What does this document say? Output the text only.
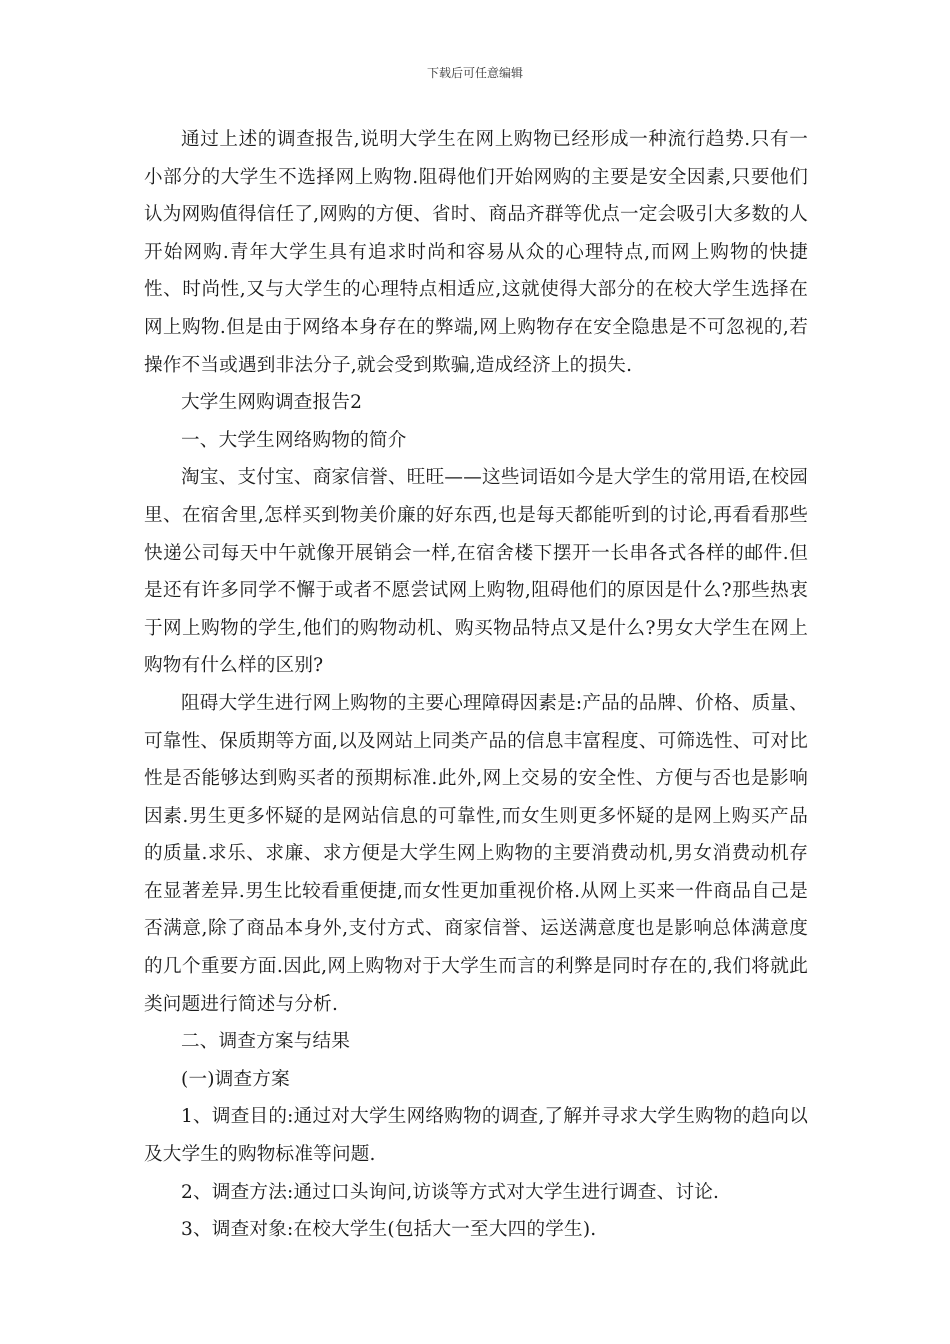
下载后可任意编辑

通过上述的调查报告,说明大学生在网上购物已经形成一种流行趋势.只有一小部分的大学生不选择网上购物.阻碍他们开始网购的主要是安全因素,只要他们认为网购值得信任了,网购的方便、省时、商品齐群等优点一定会吸引大多数的人开始网购.青年大学生具有追求时尚和容易从众的心理特点,而网上购物的快捷性、时尚性,又与大学生的心理特点相适应,这就使得大部分的在校大学生选择在网上购物.但是由于网络本身存在的弊端,网上购物存在安全隐患是不可忽视的,若操作不当或遇到非法分子,就会受到欺骗,造成经济上的损失.

大学生网购调查报告2

一、大学生网络购物的简介

淘宝、支付宝、商家信誉、旺旺——这些词语如今是大学生的常用语,在校园里、在宿舍里,怎样买到物美价廉的好东西,也是每天都能听到的讨论,再看看那些快递公司每天中午就像开展销会一样,在宿舍楼下摆开一长串各式各样的邮件.但是还有许多同学不懈于或者不愿尝试网上购物,阻碍他们的原因是什么?那些热衷于网上购物的学生,他们的购物动机、购买物品特点又是什么?男女大学生在网上购物有什么样的区别?

阻碍大学生进行网上购物的主要心理障碍因素是:产品的品牌、价格、质量、可靠性、保质期等方面,以及网站上同类产品的信息丰富程度、可筛选性、可对比性是否能够达到购买者的预期标准.此外,网上交易的安全性、方便与否也是影响因素.男生更多怀疑的是网站信息的可靠性,而女生则更多怀疑的是网上购买产品的质量.求乐、求廉、求方便是大学生网上购物的主要消费动机,男女消费动机存在显著差异.男生比较看重便捷,而女性更加重视价格.从网上买来一件商品自己是否满意,除了商品本身外,支付方式、商家信誉、运送满意度也是影响总体满意度的几个重要方面.因此,网上购物对于大学生而言的利弊是同时存在的,我们将就此类问题进行简述与分析.

二、调查方案与结果

(一)调查方案

1、调查目的:通过对大学生网络购物的调查,了解并寻求大学生购物的趋向以及大学生的购物标准等问题.

2、调查方法:通过口头询问,访谈等方式对大学生进行调查、讨论.

3、调查对象:在校大学生(包括大一至大四的学生).
